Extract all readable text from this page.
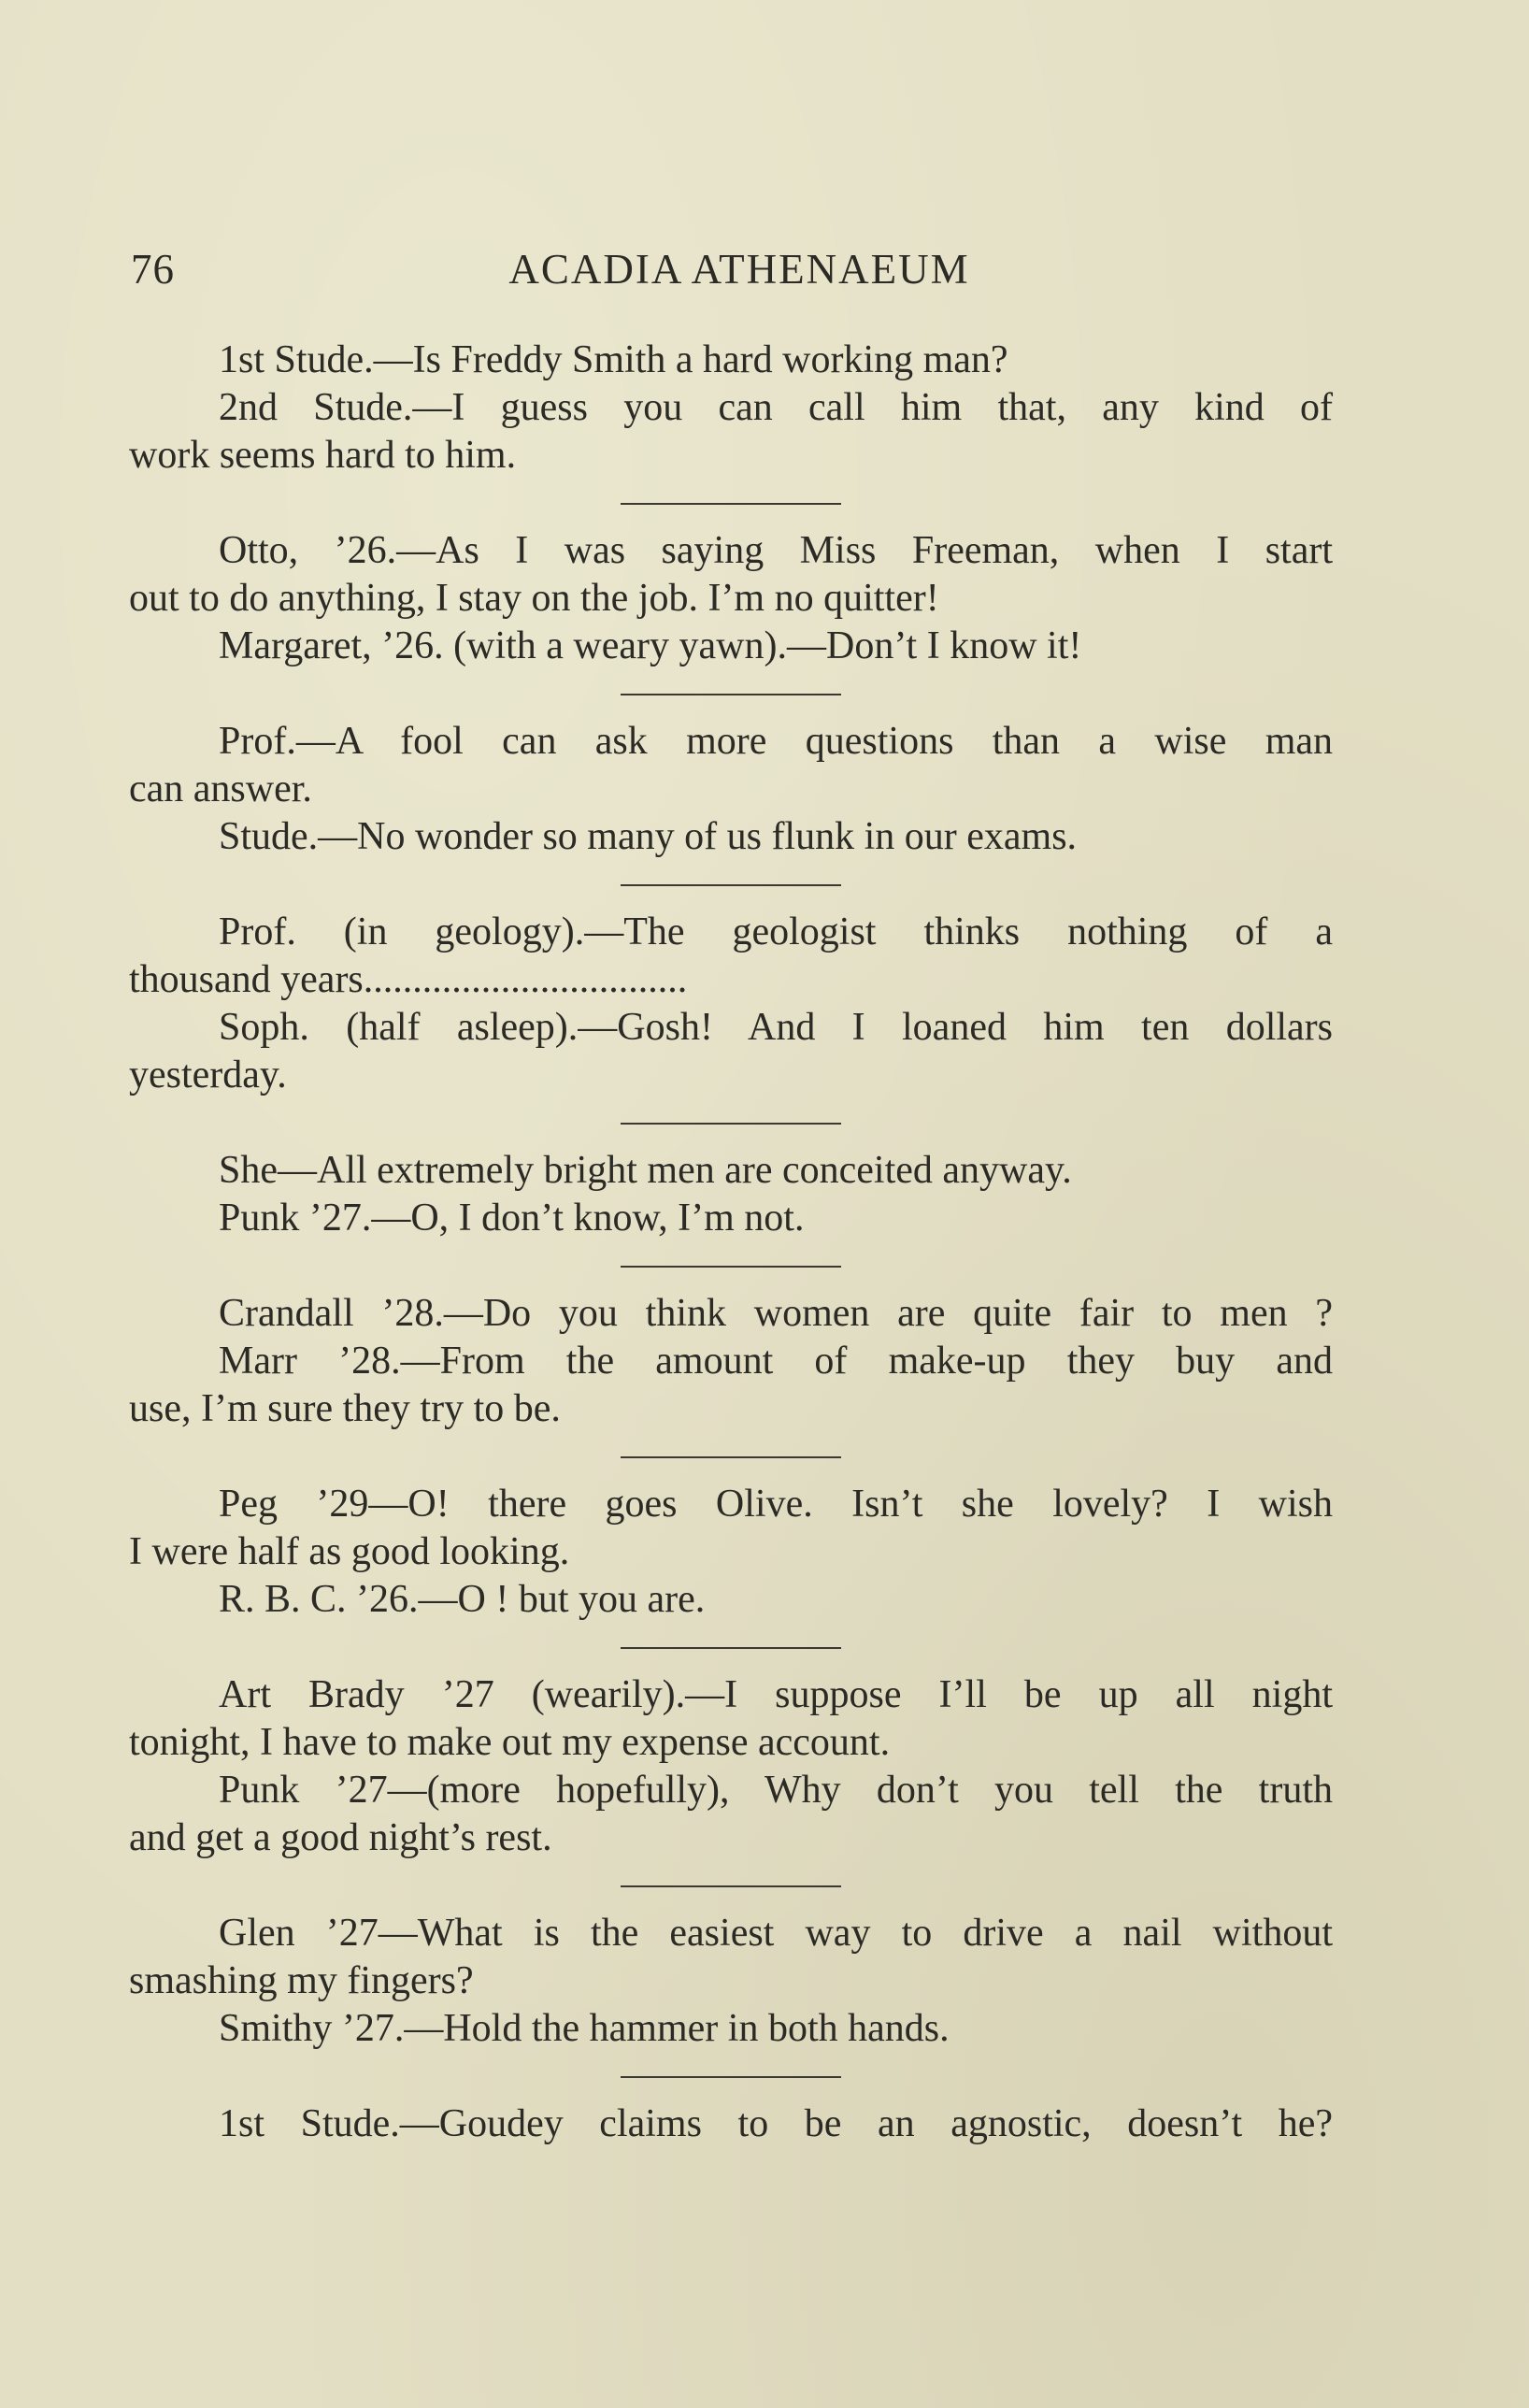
76	ACADIA ATHENAEUM
1st Stude.—Is Freddy Smith a hard working man?
2nd Stude.—I guess you can call him that, any kind of
work seems hard to him.
Otto, ’26.—As I was saying Miss Freeman, when I start
out to do anything, I stay on the job. I’m no quitter!
Margaret, ’26. (with a weary yawn).—Don’t I know it!
Prof.—A fool can ask more questions than a wise man
can answer.
Stude.—No wonder so many of us flunk in our exams.
Prof. (in geology).—The geologist thinks nothing of a
thousand years.................................
Soph. (half asleep).—Gosh! And I loaned him ten dollars
yesterday.
She—All extremely bright men are conceited anyway.
Punk ’27.—O, I don’t know, I’m not.
Crandall ’28.—Do you think women are quite fair to men ?
Marr ’28.—From the amount of make-up they buy and
use, I’m sure they try to be.
Peg ’29—O! there goes Olive. Isn’t she lovely? I wish
I were half as good looking.
R. B. C. ’26.—O ! but you are.
Art Brady ’27 (wearily).—I suppose I’ll be up all night
tonight, I have to make out my expense account.
Punk ’27—(more hopefully), Why don’t you tell the truth
and get a good night’s rest.
Glen ’27—What is the easiest way to drive a nail without
smashing my fingers?
Smithy ’27.—Hold the hammer in both hands.
1st Stude.—Goudey claims to be an agnostic, doesn’t he?
